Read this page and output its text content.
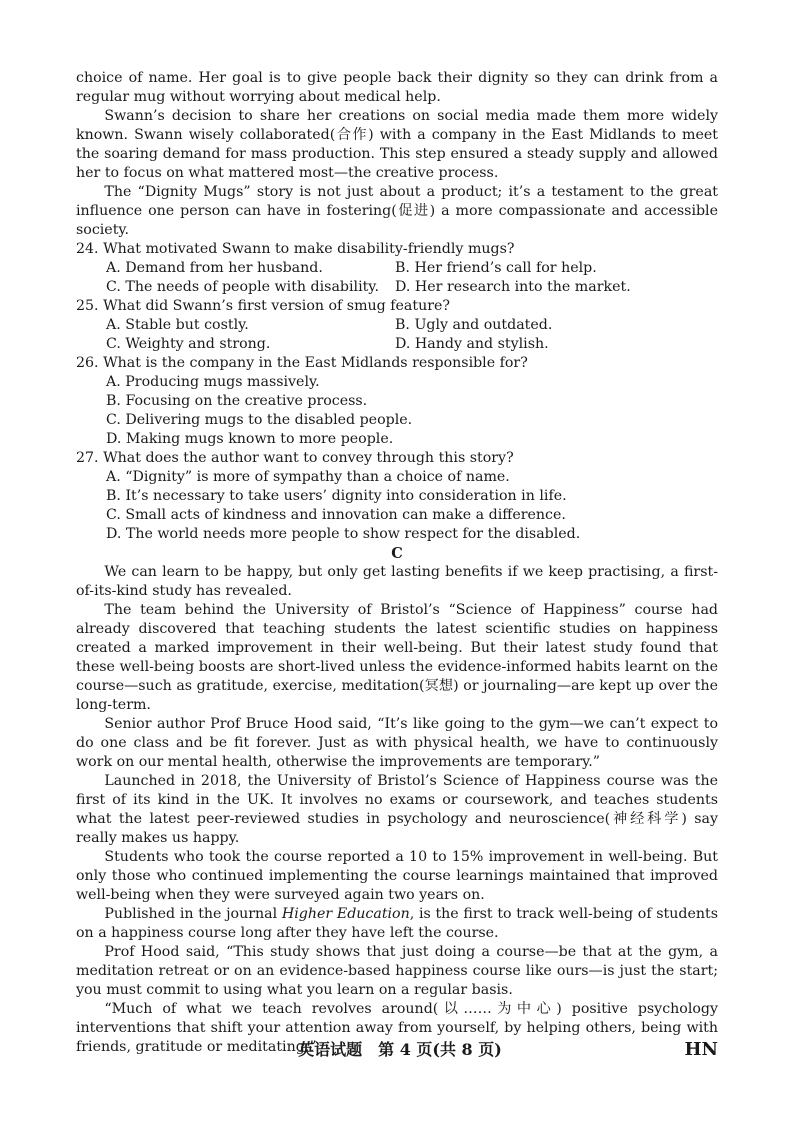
choice of name. Her goal is to give people back their dignity so they can drink from a regular mug without worrying about medical help.

Swann’s decision to share her creations on social media made them more widely known. Swann wisely collaborated(合作) with a company in the East Midlands to meet the soaring demand for mass production. This step ensured a steady supply and allowed her to focus on what mattered most—the creative process.

The “Dignity Mugs” story is not just about a product; it’s a testament to the great influence one person can have in fostering(促进) a more compassionate and accessible society.

24. What motivated Swann to make disability-friendly mugs?

A. Demand from her husband.	B. Her friend’s call for help.
C. The needs of people with disability.	D. Her research into the market.

25. What did Swann’s first version of smug feature?

A. Stable but costly.	B. Ugly and outdated.
C. Weighty and strong.	D. Handy and stylish.

26. What is the company in the East Midlands responsible for?

A. Producing mugs massively.
B. Focusing on the creative process.
C. Delivering mugs to the disabled people.
D. Making mugs known to more people.

27. What does the author want to convey through this story?

A. “Dignity” is more of sympathy than a choice of name.
B. It’s necessary to take users’ dignity into consideration in life.
C. Small acts of kindness and innovation can make a difference.
D. The world needs more people to show respect for the disabled.

C

We can learn to be happy, but only get lasting benefits if we keep practising, a first-of-its-kind study has revealed.

The team behind the University of Bristol’s “Science of Happiness” course had already discovered that teaching students the latest scientific studies on happiness created a marked improvement in their well-being. But their latest study found that these well-being boosts are short-lived unless the evidence-informed habits learnt on the course—such as gratitude, exercise, meditation(冥想) or journaling—are kept up over the long-term.

Senior author Prof Bruce Hood said, “It’s like going to the gym—we can’t expect to do one class and be fit forever. Just as with physical health, we have to continuously work on our mental health, otherwise the improvements are temporary.”

Launched in 2018, the University of Bristol’s Science of Happiness course was the first of its kind in the UK. It involves no exams or coursework, and teaches students what the latest peer-reviewed studies in psychology and neuroscience(神经科学) say really makes us happy.

Students who took the course reported a 10 to 15% improvement in well-being. But only those who continued implementing the course learnings maintained that improved well-being when they were surveyed again two years on.

Published in the journal Higher Education, is the first to track well-being of students on a happiness course long after they have left the course.

Prof Hood said, “This study shows that just doing a course—be that at the gym, a meditation retreat or on an evidence-based happiness course like ours—is just the start; you must commit to using what you learn on a regular basis.

“Much of what we teach revolves around(以……为中心) positive psychology interventions that shift your attention away from yourself, by helping others, being with friends, gratitude or meditating.”

英语试题　第 4 页(共 8 页)	HN
